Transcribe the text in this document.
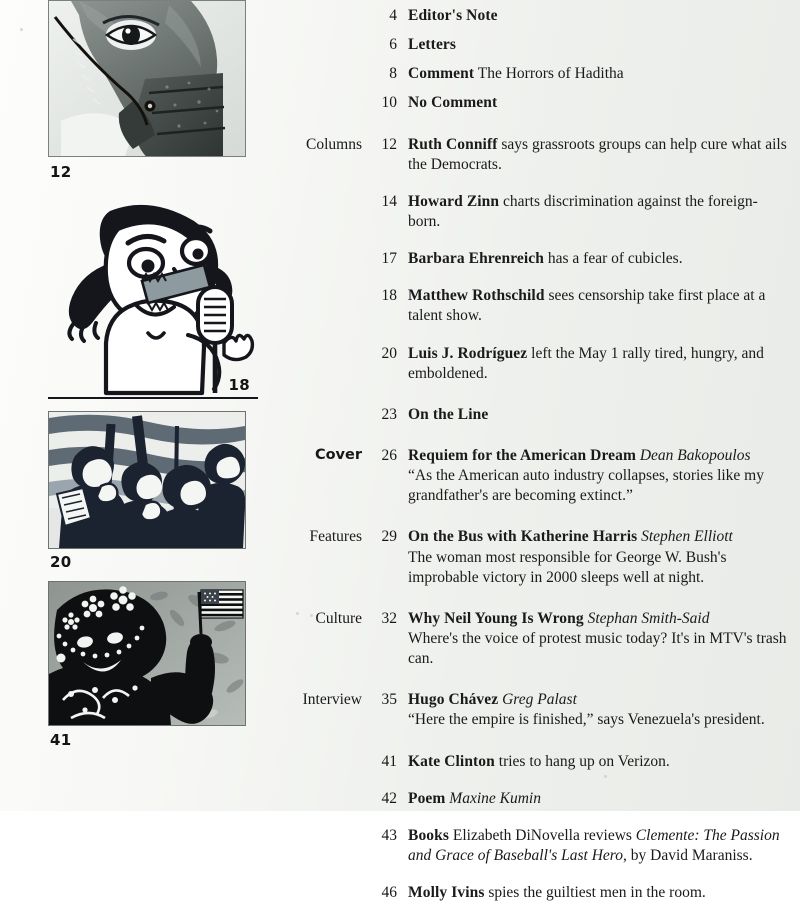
12
18
20
41
4 Editor's Note
6 Letters
8 Comment The Horrors of Haditha
10 No Comment
Columns	12 Ruth Conniff says grassroots groups can help cure what ails the Democrats.
14 Howard Zinn charts discrimination against the foreign-born.
17 Barbara Ehrenreich has a fear of cubicles.
18 Matthew Rothschild sees censorship take first place at a talent show.
20 Luis J. Rodríguez left the May 1 rally tired, hungry, and emboldened.
23 On the Line
Cover	26 Requiem for the American Dream Dean Bakopoulos
“As the American auto industry collapses, stories like my grandfather's are becoming extinct.”
Features	29 On the Bus with Katherine Harris Stephen Elliott
The woman most responsible for George W. Bush's improbable victory in 2000 sleeps well at night.
Culture	32 Why Neil Young Is Wrong Stephan Smith-Said
Where's the voice of protest music today? It's in MTV's trash can.
Interview	35 Hugo Chávez Greg Palast
“Here the empire is finished,” says Venezuela's president.
41 Kate Clinton tries to hang up on Verizon.
42 Poem Maxine Kumin
43 Books Elizabeth DiNovella reviews Clemente: The Passion and Grace of Baseball's Last Hero, by David Maraniss.
46 Molly Ivins spies the guiltiest men in the room.
